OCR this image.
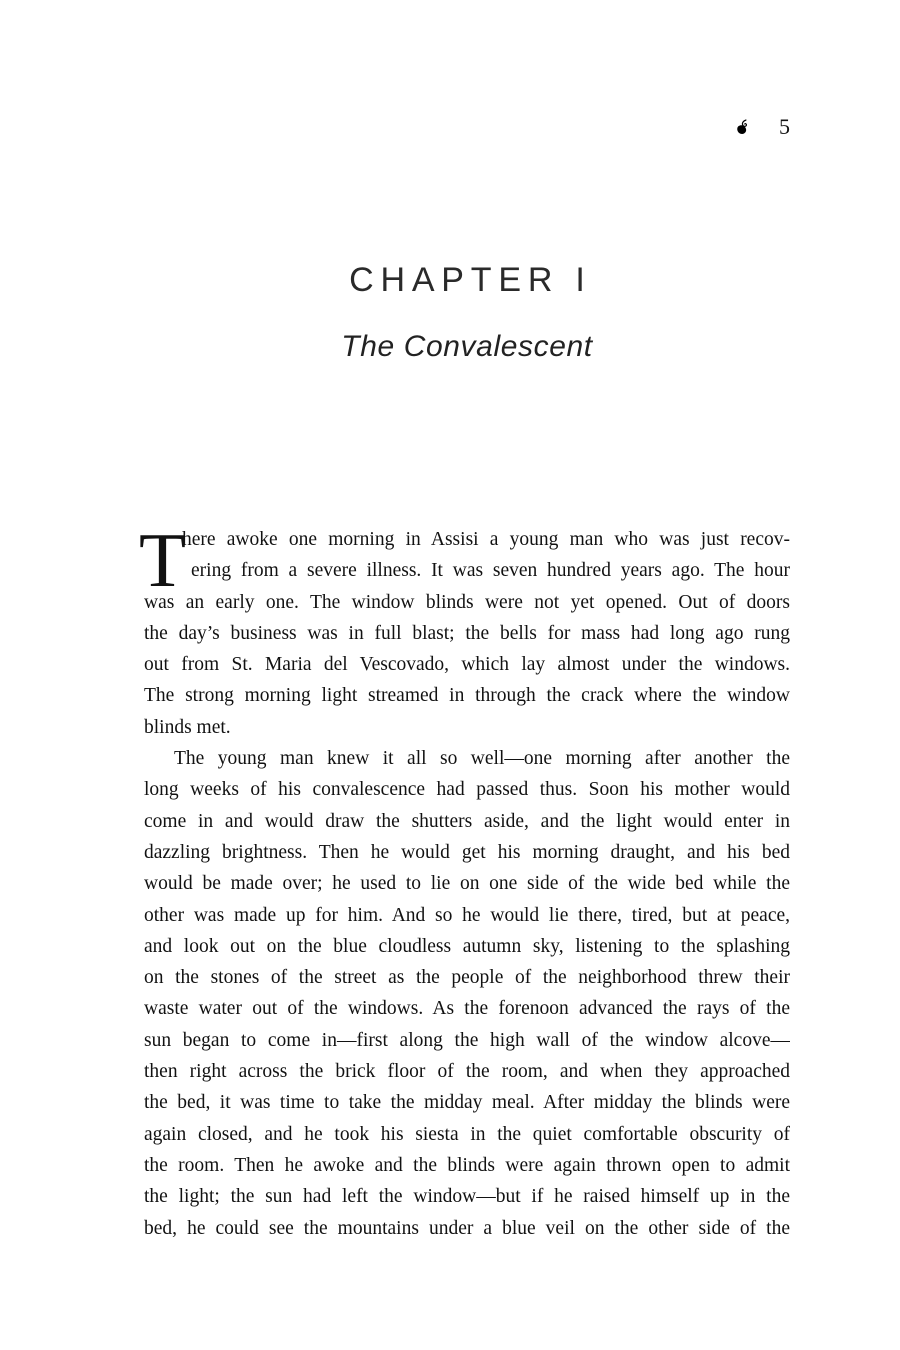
5
CHAPTER I
The Convalescent
T
here awoke one morning in Assisi a young man who was just recov-
ering from a severe illness. It was seven hundred years ago. The hour
was an early one. The window blinds were not yet opened. Out of doors
the day’s business was in full blast; the bells for mass had long ago rung
out from St. Maria del Vescovado, which lay almost under the windows.
The strong morning light streamed in through the crack where the window
blinds met.
The young man knew it all so well—one morning after another the
long weeks of his convalescence had passed thus. Soon his mother would
come in and would draw the shutters aside, and the light would enter in
dazzling brightness. Then he would get his morning draught, and his bed
would be made over; he used to lie on one side of the wide bed while the
other was made up for him. And so he would lie there, tired, but at peace,
and look out on the blue cloudless autumn sky, listening to the splashing
on the stones of the street as the people of the neighborhood threw their
waste water out of the windows. As the forenoon advanced the rays of the
sun began to come in—first along the high wall of the window alcove—
then right across the brick floor of the room, and when they approached
the bed, it was time to take the midday meal. After midday the blinds were
again closed, and he took his siesta in the quiet comfortable obscurity of
the room. Then he awoke and the blinds were again thrown open to admit
the light; the sun had left the window—but if he raised himself up in the
bed, he could see the mountains under a blue veil on the other side of the
